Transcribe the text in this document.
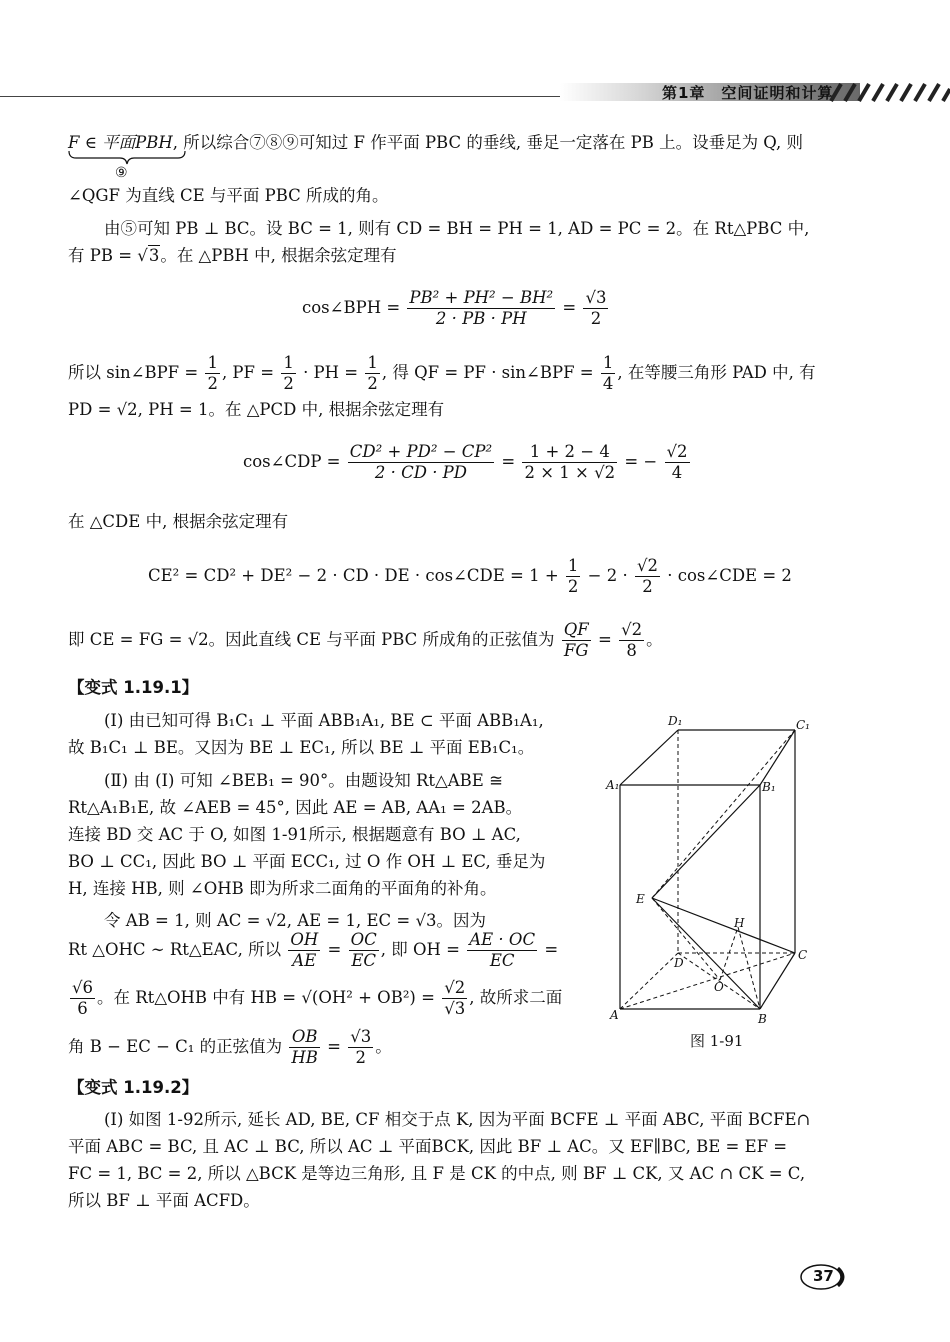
第1章　空间证明和计算
F ∈ 平面PBH, 所以综合⑦⑧⑨可知过 F 作平面 PBC 的垂线, 垂足一定落在 PB 上。设垂足为 Q, 则
⑨
∠QGF 为直线 CE 与平面 PBC 所成的角。
由⑤可知 PB ⊥ BC。设 BC = 1, 则有 CD = BH = PH = 1, AD = PC = 2。在 Rt△PBC 中,
有 PB = √3。在 △PBH 中, 根据余弦定理有
cos∠BPH = $\frac{\text{PB² + PH² − BH²}}{2 \cdot PB \cdot PH} = \frac{√3}{2}$
所以 sin∠BPF = $\frac{1}{2}$ , PF = $\frac{1}{2}$ · PH = $\frac{1}{2}$ , 得 QF = PF · sin∠BPF = $\frac{1}{4}$ , 在等腰三角形 PAD 中, 有
PD = √2, PH = 1。在 △PCD 中, 根据余弦定理有
cos∠CDP = $\frac{\text{CD² + PD² − CP²}}{2 \cdot CD \cdot PD} = \frac{1 + 2 - 4}{2 \times 1 \times √2}$ = − $\frac{√2}{4}$
在 △CDE 中, 根据余弦定理有
CE² = CD² + DE² − 2 · CD · DE · cos∠CDE = $1 + \frac{1}{2} - 2 \cdot \frac{√2}{2}$ · cos∠CDE = 2
即 CE = FG = √2。因此直线 CE 与平面 PBC 所成角的正弦值为 $\frac{QF}{FG} = \frac{√2}{8}$ 。
【变式 1.19.1】
(I) 由已知可得 B₁C₁ ⊥ 平面 ABB₁A₁, BE ⊂ 平面 ABB₁A₁,
故 B₁C₁ ⊥ BE。又因为 BE ⊥ EC₁, 所以 BE ⊥ 平面 EB₁C₁。
(Ⅱ) 由 (I) 可知 ∠BEB₁ = 90°。由题设知 Rt△ABE ≅
Rt△A₁B₁E, 故 ∠AEB = 45°, 因此 AE = AB, AA₁ = 2AB。
连接 BD 交 AC 于 O, 如图 1-91所示, 根据题意有 BO ⊥ AC,
BO ⊥ CC₁, 因此 BO ⊥ 平面 ECC₁, 过 O 作 OH ⊥ EC, 垂足为
H, 连接 HB, 则 ∠OHB 即为所求二面角的平面角的补角。
令 AB = 1, 则 AC = √2, AE = 1, EC = √3。因为
Rt △OHC ∼ Rt△EAC, 所以 $\frac{OH}{AE} = \frac{OC}{EC}$ , 即 OH = $\frac{AE \cdot OC}{EC}$ =
$\frac{√6}{6}$ 。在 Rt△OHB 中有 HB = $√(OH^2 + OB^2) = \frac{√2}{√3}$ , 故所求二面
角 B − EC − C₁ 的正弦值为 $\frac{OB}{HB} = \frac{√3}{2}$ 。
D₁	C₁
A₁	B₁
E
H
D
C
O
A	B
图 1-91
【变式 1.19.2】
(I) 如图 1-92所示, 延长 AD, BE, CF 相交于点 K, 因为平面 BCFE ⊥ 平面 ABC, 平面 BCFE∩
平面 ABC = BC, 且 AC ⊥ BC, 所以 AC ⊥ 平面BCK, 因此 BF ⊥ AC。又 EF∥BC, BE = EF =
FC = 1, BC = 2, 所以 △BCK 是等边三角形, 且 F 是 CK 的中点, 则 BF ⊥ CK, 又 AC ∩ CK = C,
所以 BF ⊥ 平面 ACFD。
37
